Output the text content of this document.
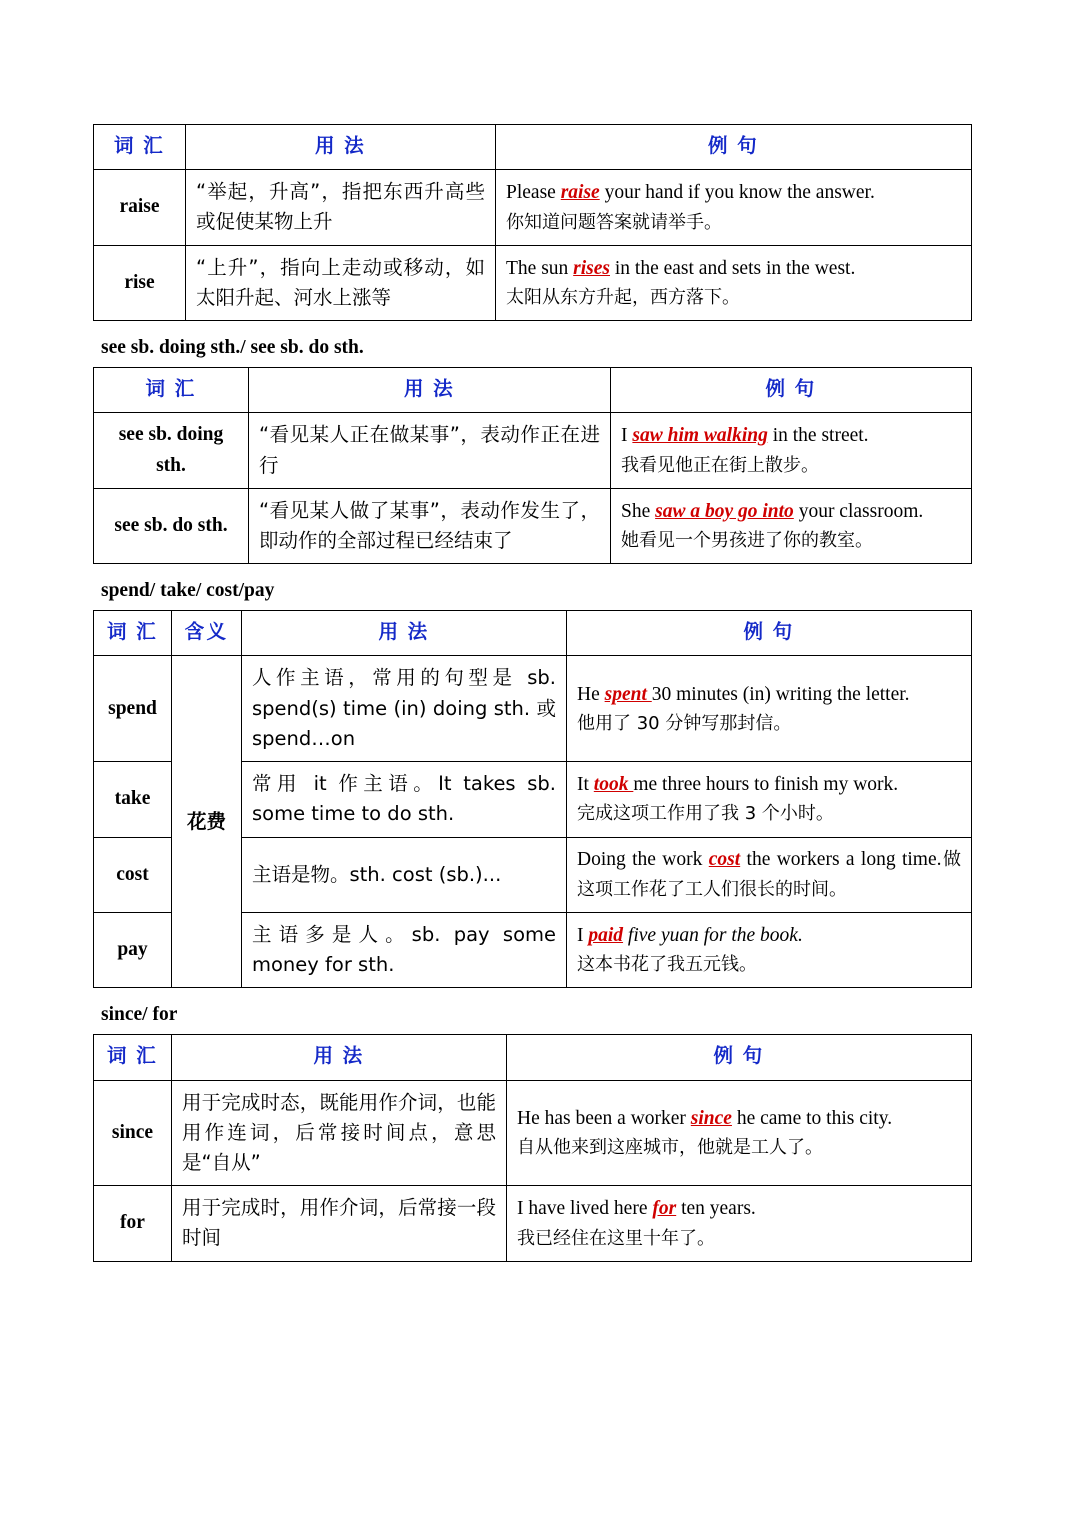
词 汇	用 法	例 句
raise	“举起，升高”，指把东西升高些或促使某物上升	Please raise your hand if you know the answer.
你知道问题答案就请举手。

rise	“上升”，指向上走动或移动，如太阳升起、河水上涨等	The sun rises in the east and sets in the west.
太阳从东方升起，西方落下。
see sb. doing sth./ see sb. do sth.
词 汇	用 法	例 句
see sb. doing sth.	“看见某人正在做某事”，表动作正在进行	I saw him walking in the street.
我看见他正在街上散步。

see sb. do sth.	“看见某人做了某事”，表动作发生了，即动作的全部过程已经结束了	She saw a boy go into your classroom.
她看见一个男孩进了你的教室。
spend/ take/ cost/pay
词 汇	含义	用 法	例 句
spend	花费	人作主语，常用的句型是 sb. spend(s) time (in) doing sth. 或 spend…on	He spent 30 minutes (in) writing the letter.
他用了 30 分钟写那封信。

take		常用 it 作主语。It takes sb. some time to do sth.	It took me three hours to finish my work.
完成这项工作用了我 3 个小时。

cost		主语是物。sth. cost (sb.)...	Doing the work cost the workers a long time.做这项工作花了工人们很长的时间。

pay		主语多是人。sb. pay some money for sth.	I paid five yuan for the book.
这本书花了我五元钱。
since/ for
词 汇	用 法	例 句
since	用于完成时态，既能用作介词，也能用作连词，后常接时间点，意思是“自从”	He has been a worker since he came to this city.
自从他来到这座城市，他就是工人了。

for	用于完成时，用作介词，后常接一段时间	I have lived here for ten years.
我已经住在这里十年了。
